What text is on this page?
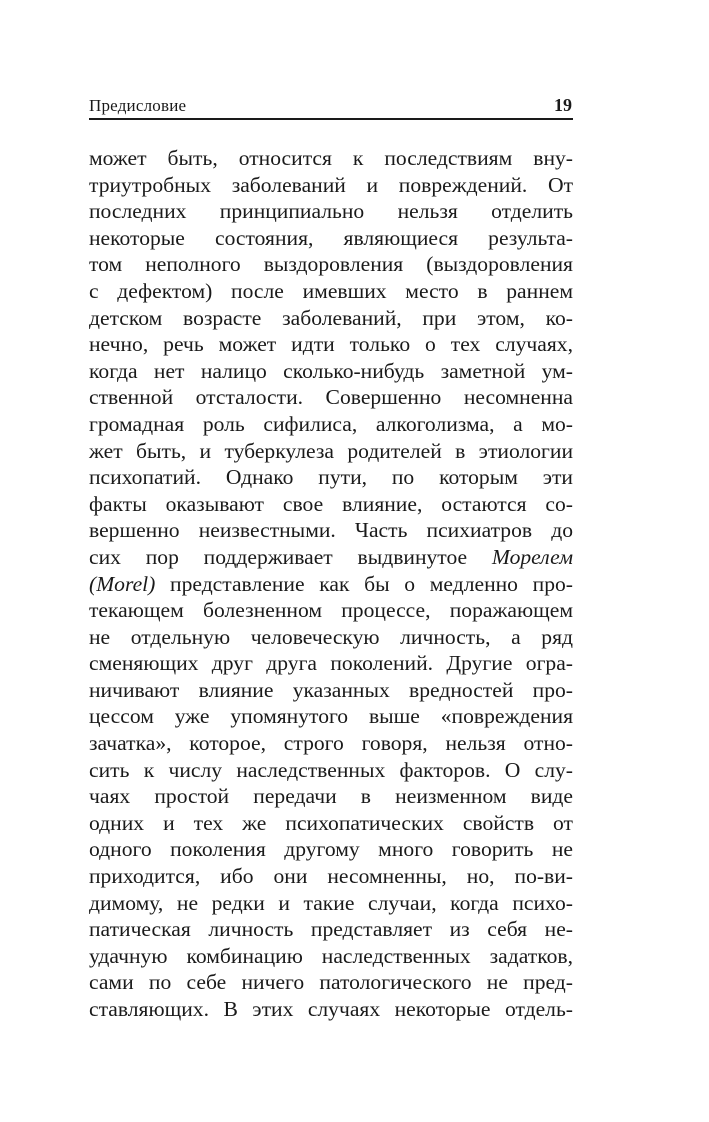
Предисловие	19
может быть, относится к последствиям вну-
триутробных заболеваний и повреждений. От
последних принципиально нельзя отделить
некоторые состояния, являющиеся результа-
том неполного выздоровления (выздоровления
с дефектом) после имевших место в раннем
детском возрасте заболеваний, при этом, ко-
нечно, речь может идти только о тех случаях,
когда нет налицо сколько-нибудь заметной ум-
ственной отсталости. Совершенно несомненна
громадная роль сифилиса, алкоголизма, а мо-
жет быть, и туберкулеза родителей в этиологии
психопатий. Однако пути, по которым эти
факты оказывают свое влияние, остаются со-
вершенно неизвестными. Часть психиатров до
сих пор поддерживает выдвинутое Морелем
(Morel) представление как бы о медленно про-
текающем болезненном процессе, поражающем
не отдельную человеческую личность, а ряд
сменяющих друг друга поколений. Другие огра-
ничивают влияние указанных вредностей про-
цессом уже упомянутого выше «повреждения
зачатка», которое, строго говоря, нельзя отно-
сить к числу наследственных факторов. О слу-
чаях простой передачи в неизменном виде
одних и тех же психопатических свойств от
одного поколения другому много говорить не
приходится, ибо они несомненны, но, по-ви-
димому, не редки и такие случаи, когда психо-
патическая личность представляет из себя не-
удачную комбинацию наследственных задатков,
сами по себе ничего патологического не пред-
ставляющих. В этих случаях некоторые отдель-
